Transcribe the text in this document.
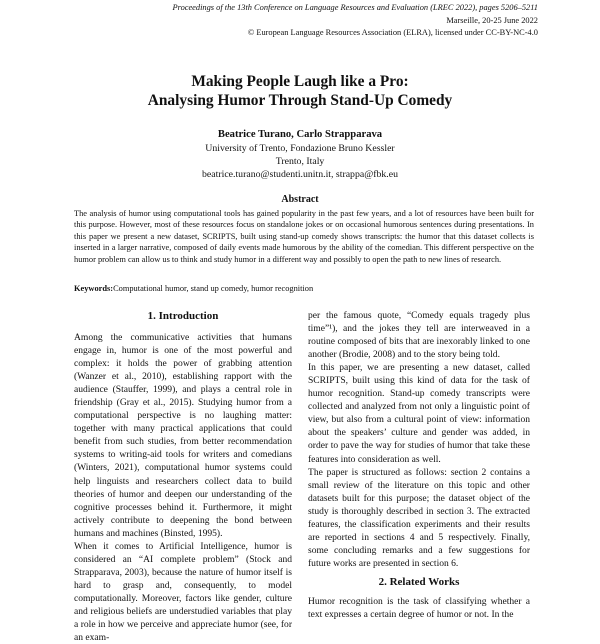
Proceedings of the 13th Conference on Language Resources and Evaluation (LREC 2022), pages 5206–5211
Marseille, 20-25 June 2022
© European Language Resources Association (ELRA), licensed under CC-BY-NC-4.0
Making People Laugh like a Pro:
Analysing Humor Through Stand-Up Comedy
Beatrice Turano, Carlo Strapparava
University of Trento, Fondazione Bruno Kessler
Trento, Italy
beatrice.turano@studenti.unitn.it, strappa@fbk.eu
Abstract
The analysis of humor using computational tools has gained popularity in the past few years, and a lot of resources have been built for this purpose. However, most of these resources focus on standalone jokes or on occasional humorous sentences during presentations. In this paper we present a new dataset, SCRIPTS, built using stand-up comedy shows transcripts: the humor that this dataset collects is inserted in a larger narrative, composed of daily events made humorous by the ability of the comedian. This different perspective on the humor problem can allow us to think and study humor in a different way and possibly to open the path to new lines of research.
Keywords:Computational humor, stand up comedy, humor recognition
1. Introduction

Among the communicative activities that humans engage in, humor is one of the most powerful and complex: it holds the power of grabbing attention (Wanzer et al., 2010), establishing rapport with the audience (Stauffer, 1999), and plays a central role in friendship (Gray et al., 2015). Studying humor from a computational perspective is no laughing matter: together with many practical applications that could benefit from such studies, from better recommendation systems to writing-aid tools for writers and comedians (Winters, 2021), computational humor systems could help linguists and researchers collect data to build theories of humor and deepen our understanding of the cognitive processes behind it. Furthermore, it might actively contribute to deepening the bond between humans and machines (Binsted, 1995).

When it comes to Artificial Intelligence, humor is considered an “AI complete problem” (Stock and Strapparava, 2003), because the nature of humor itself is hard to grasp and, consequently, to model computationally. Moreover, factors like gender, culture and religious beliefs are understudied variables that play a role in how we perceive and appreciate humor (see, for an exam-

per the famous quote, “Comedy equals tragedy plus time”¹), and the jokes they tell are interweaved in a routine composed of bits that are inexorably linked to one another (Brodie, 2008) and to the story being told.

In this paper, we are presenting a new dataset, called SCRIPTS, built using this kind of data for the task of humor recognition. Stand-up comedy transcripts were collected and analyzed from not only a linguistic point of view, but also from a cultural point of view: information about the speakers’ culture and gender was added, in order to pave the way for studies of humor that take these features into consideration as well.

The paper is structured as follows: section 2 contains a small review of the literature on this topic and other datasets built for this purpose; the dataset object of the study is thoroughly described in section 3. The extracted features, the classification experiments and their results are reported in sections 4 and 5 respectively. Finally, some concluding remarks and a few suggestions for future works are presented in section 6.

2. Related Works

Humor recognition is the task of classifying whether a text expresses a certain degree of humor or not. In the
